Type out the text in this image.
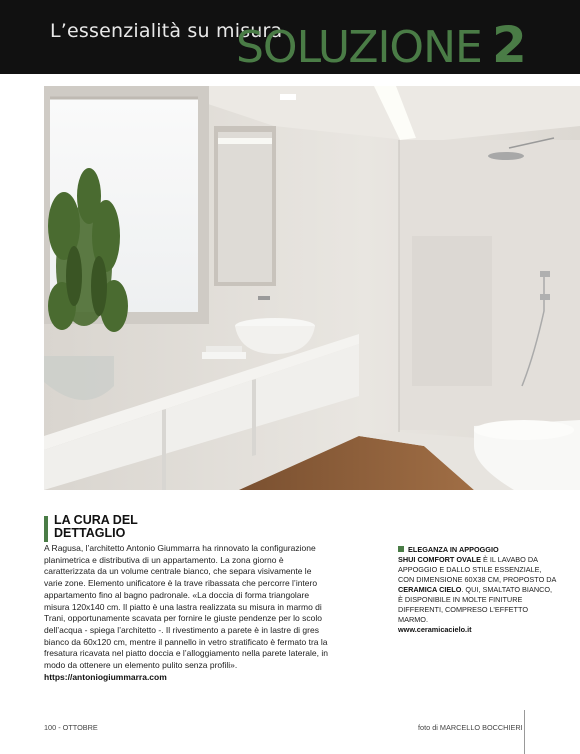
L’essenzialità su misura
SOLUZIONE 2
LA CURA DEL DETTAGLIO

A Ragusa, l’architetto Antonio Giummarra ha rinnovato la configurazione planimetrica e distributiva di un appartamento. La zona giorno è caratterizzata da un volume centrale bianco, che separa visivamente le varie zone. Elemento unificatore è la trave ribassata che percorre l’intero appartamento fino al bagno padronale. «La doccia di forma triangolare misura 120x140 cm. Il piatto è una lastra realizzata su misura in marmo di Trani, opportunamente scavata per fornire le giuste pendenze per lo scolo dell’acqua - spiega l’architetto -. Il rivestimento a parete è in lastre di gres bianco da 60x120 cm, mentre il pannello in vetro stratificato è fermato tra la fresatura ricavata nel piatto doccia e l’alloggiamento nella parete laterale, in modo da ottenere un elemento pulito senza profili».

https://antoniogiummarra.com

ELEGANZA IN APPOGGIO

SHUI COMFORT OVALE È IL LAVABO DA APPOGGIO E DALLO STILE ESSENZIALE, CON DIMENSIONE 60X38 CM, PROPOSTO DA CERAMICA CIELO. QUI, SMALTATO BIANCO, È DISPONIBILE IN MOLTE FINITURE DIFFERENTI, COMPRESO L’EFFETTO MARMO.

www.ceramicacielo.it

100 - OTTOBRE	foto di MARCELLO BOCCHIERI
